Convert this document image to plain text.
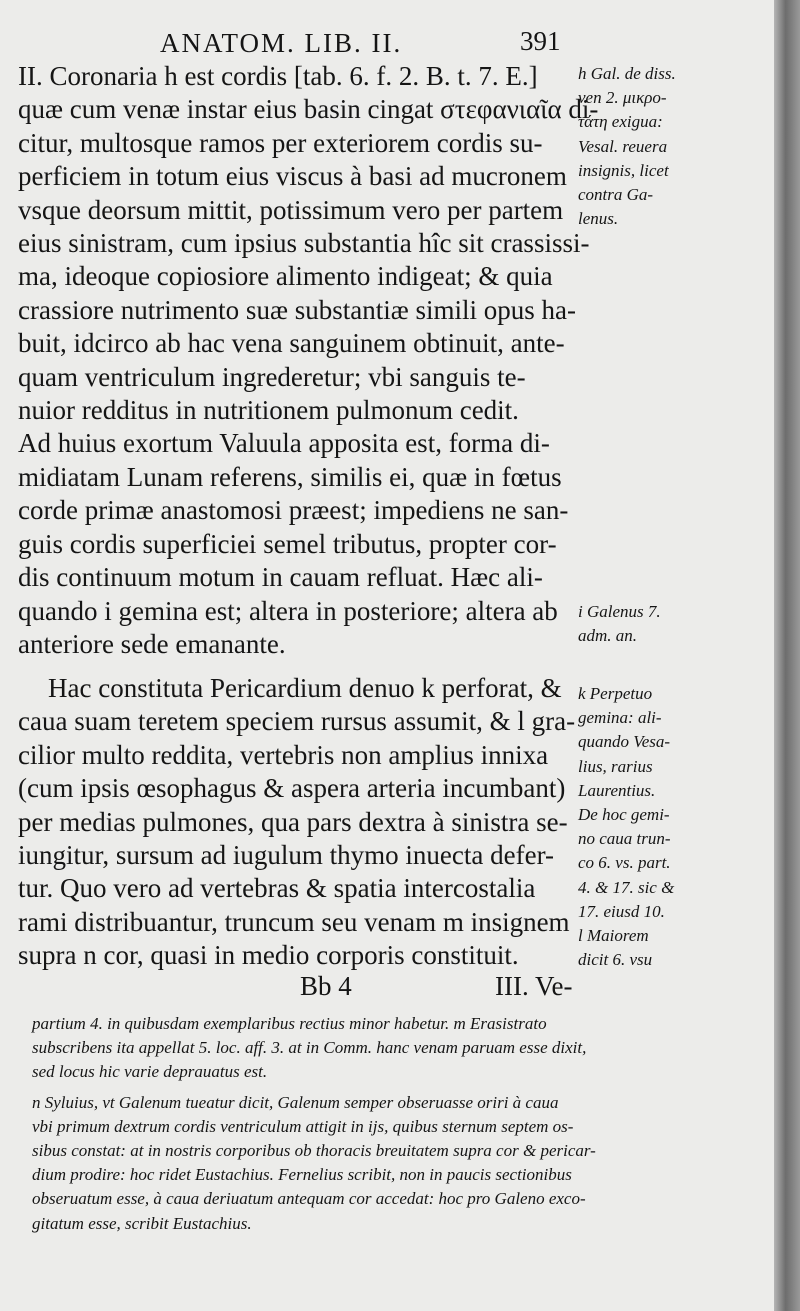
ANATOM. LIB. II.	391
II. Coronaria h est cordis [tab. 6. f. 2. B. t. 7. E.]
quæ cum venæ instar eius basin cingat στεφανιαῖα di-
citur, multosque ramos per exteriorem cordis su-
perficiem in totum eius viscus à basi ad mucronem
vsque deorsum mittit, potissimum vero per partem
eius sinistram, cum ipsius substantia hîc sit crassissi-
ma, ideoque copiosiore alimento indigeat; & quia
crassiore nutrimento suæ substantiæ simili opus ha-
buit, idcirco ab hac vena sanguinem obtinuit, ante-
quam ventriculum ingrederetur; vbi sanguis te-
nuior redditus in nutritionem pulmonum cedit.
Ad huius exortum Valuula apposita est, forma di-
midiatam Lunam referens, similis ei, quæ in fœtus
corde primæ anastomosi præest; impediens ne san-
guis cordis superficiei semel tributus, propter cor-
dis continuum motum in cauam refluat. Hæc ali-
quando i gemina est; altera in posteriore; altera ab
anteriore sede emanante.
Hac constituta Pericardium denuo k perforat, &
caua suam teretem speciem rursus assumit, & l gra-
cilior multo reddita, vertebris non amplius innixa
(cum ipsis œsophagus & aspera arteria incumbant)
per medias pulmones, qua pars dextra à sinistra se-
iungitur, sursum ad iugulum thymo inuecta defer-
tur. Quo vero ad vertebras & spatia intercostalia
rami distribuantur, truncum seu venam m insignem
supra n cor, quasi in medio corporis constituit.
h Gal. de diss.
ven 2. μικρο-
τάτη exigua:
Vesal. reuera
insignis, licet
contra Ga-
lenus.
i Galenus 7.
adm. an.
k Perpetuo
gemina: ali-
quando Vesa-
lius, rarius
Laurentius.
De hoc gemi-
no caua trun-
co 6. vs. part.
4. & 17. sic &
17. eiusd 10.
l Maiorem
dicit 6. vsu
Bb 4	III. Ve-
partium 4. in quibusdam exemplaribus rectius minor habetur. m Erasistrato
subscribens ita appellat 5. loc. aff. 3. at in Comm. hanc venam paruam esse dixit,
sed locus hic varie deprauatus est.
n Syluius, vt Galenum tueatur dicit, Galenum semper obseruasse oriri à caua
vbi primum dextrum cordis ventriculum attigit in ijs, quibus sternum septem os-
sibus constat: at in nostris corporibus ob thoracis breuitatem supra cor & pericar-
dium prodire: hoc ridet Eustachius. Fernelius scribit, non in paucis sectionibus
obseruatum esse, à caua deriuatum antequam cor accedat: hoc pro Galeno exco-
gitatum esse, scribit Eustachius.
